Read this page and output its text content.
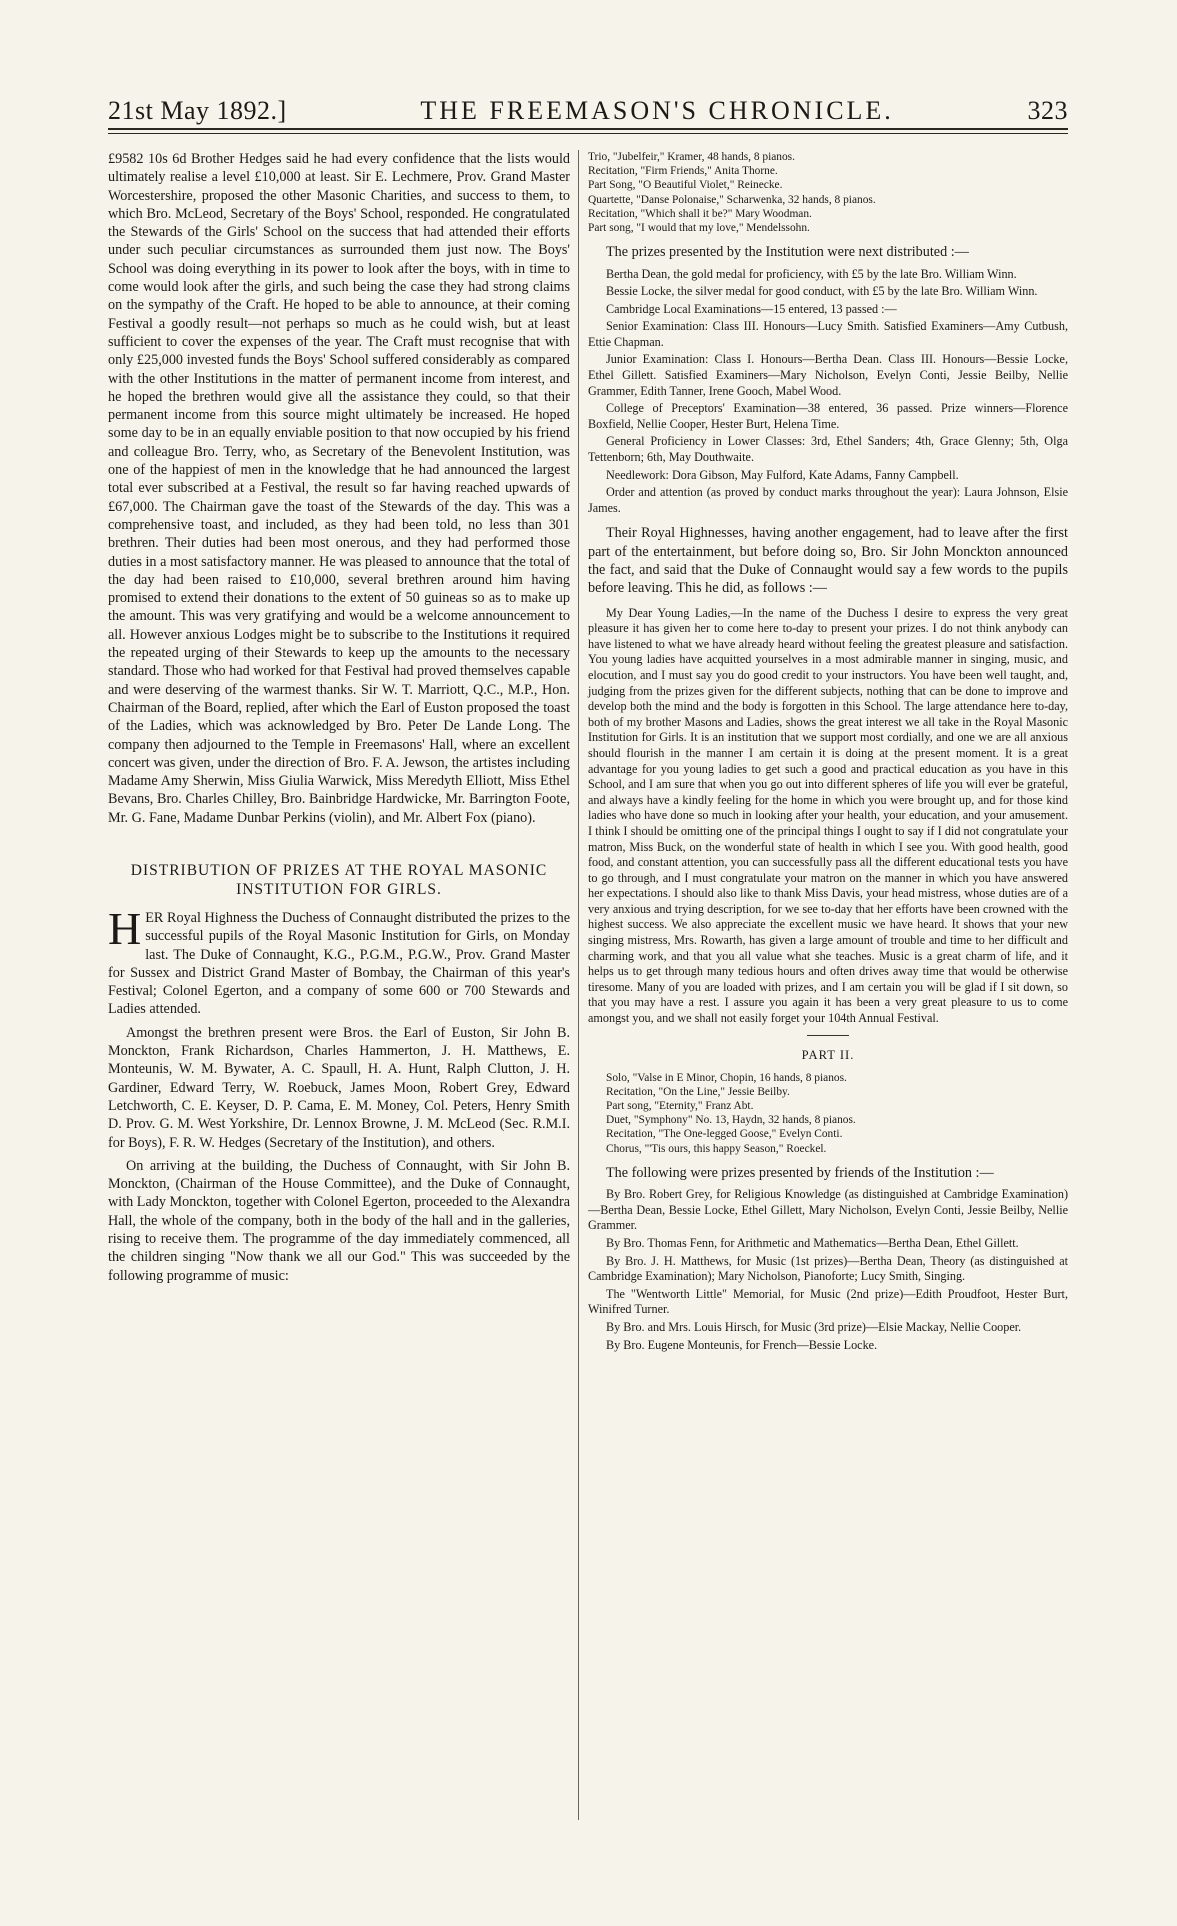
21st May 1892.]	THE FREEMASON'S CHRONICLE.	323

£9582 10s 6d Brother Hedges said he had every confidence that the lists would ultimately realise a level £10,000 at least. Sir E. Lechmere, Prov. Grand Master Worcestershire, proposed the other Masonic Charities, and success to them, to which Bro. McLeod, Secretary of the Boys' School, responded. He congratulated the Stewards of the Girls' School on the success that had attended their efforts under such peculiar circumstances as surrounded them just now. The Boys' School was doing everything in its power to look after the boys, with in time to come would look after the girls, and such being the case they had strong claims on the sympathy of the Craft. He hoped to be able to announce, at their coming Festival a goodly result—not perhaps so much as he could wish, but at least sufficient to cover the expenses of the year. The Craft must recognise that with only £25,000 invested funds the Boys' School suffered considerably as compared with the other Institutions in the matter of permanent income from interest, and he hoped the brethren would give all the assistance they could, so that their permanent income from this source might ultimately be increased. He hoped some day to be in an equally enviable position to that now occupied by his friend and colleague Bro. Terry, who, as Secretary of the Benevolent Institution, was one of the happiest of men in the knowledge that he had announced the largest total ever subscribed at a Festival, the result so far having reached upwards of £67,000. The Chairman gave the toast of the Stewards of the day. This was a comprehensive toast, and included, as they had been told, no less than 301 brethren. Their duties had been most onerous, and they had performed those duties in a most satisfactory manner. He was pleased to announce that the total of the day had been raised to £10,000, several brethren around him having promised to extend their donations to the extent of 50 guineas so as to make up the amount. This was very gratifying and would be a welcome announcement to all. However anxious Lodges might be to subscribe to the Institutions it required the repeated urging of their Stewards to keep up the amounts to the necessary standard. Those who had worked for that Festival had proved themselves capable and were deserving of the warmest thanks. Sir W. T. Marriott, Q.C., M.P., Hon. Chairman of the Board, replied, after which the Earl of Euston proposed the toast of the Ladies, which was acknowledged by Bro. Peter De Lande Long. The company then adjourned to the Temple in Freemasons' Hall, where an excellent concert was given, under the direction of Bro. F. A. Jewson, the artistes including Madame Amy Sherwin, Miss Giulia Warwick, Miss Meredyth Elliott, Miss Ethel Bevans, Bro. Charles Chilley, Bro. Bainbridge Hardwicke, Mr. Barrington Foote, Mr. G. Fane, Madame Dunbar Perkins (violin), and Mr. Albert Fox (piano).

DISTRIBUTION OF PRIZES AT THE ROYAL MASONIC INSTITUTION FOR GIRLS.

HER Royal Highness the Duchess of Connaught distributed the prizes to the successful pupils of the Royal Masonic Institution for Girls, on Monday last. The Duke of Connaught, K.G., P.G.M., P.G.W., Prov. Grand Master for Sussex and District Grand Master of Bombay, the Chairman of this year's Festival; Colonel Egerton, and a company of some 600 or 700 Stewards and Ladies attended.

Amongst the brethren present were Bros. the Earl of Euston, Sir John B. Monckton, Frank Richardson, Charles Hammerton, J. H. Matthews, E. Monteunis, W. M. Bywater, A. C. Spaull, H. A. Hunt, Ralph Clutton, J. H. Gardiner, Edward Terry, W. Roebuck, James Moon, Robert Grey, Edward Letchworth, C. E. Keyser, D. P. Cama, E. M. Money, Col. Peters, Henry Smith D. Prov. G. M. West Yorkshire, Dr. Lennox Browne, J. M. McLeod (Sec. R.M.I. for Boys), F. R. W. Hedges (Secretary of the Institution), and others.

On arriving at the building, the Duchess of Connaught, with Sir John B. Monckton, (Chairman of the House Committee), and the Duke of Connaught, with Lady Monckton, together with Colonel Egerton, proceeded to the Alexandra Hall, the whole of the company, both in the body of the hall and in the galleries, rising to receive them. The programme of the day immediately commenced, all the children singing "Now thank we all our God." This was succeeded by the following programme of music:

Trio, "Jubelfeir," Kramer, 48 hands, 8 pianos.

Recitation, "Firm Friends," Anita Thorne.

Part Song, "O Beautiful Violet," Reinecke.

Quartette, "Danse Polonaise," Scharwenka, 32 hands, 8 pianos.

Recitation, "Which shall it be?" Mary Woodman.

Part song, "I would that my love," Mendelssohn.

The prizes presented by the Institution were next distributed :—

Bertha Dean, the gold medal for proficiency, with £5 by the late Bro. William Winn.

Bessie Locke, the silver medal for good conduct, with £5 by the late Bro. William Winn.

Cambridge Local Examinations—15 entered, 13 passed :—

Senior Examination: Class III. Honours—Lucy Smith. Satisfied Examiners—Amy Cutbush, Ettie Chapman.

Junior Examination: Class I. Honours—Bertha Dean. Class III. Honours—Bessie Locke, Ethel Gillett. Satisfied Examiners—Mary Nicholson, Evelyn Conti, Jessie Beilby, Nellie Grammer, Edith Tanner, Irene Gooch, Mabel Wood.

College of Preceptors' Examination—38 entered, 36 passed. Prize winners—Florence Boxfield, Nellie Cooper, Hester Burt, Helena Time.

General Proficiency in Lower Classes: 3rd, Ethel Sanders; 4th, Grace Glenny; 5th, Olga Tettenborn; 6th, May Douthwaite.

Needlework: Dora Gibson, May Fulford, Kate Adams, Fanny Campbell.

Order and attention (as proved by conduct marks throughout the year): Laura Johnson, Elsie James.

Their Royal Highnesses, having another engagement, had to leave after the first part of the entertainment, but before doing so, Bro. Sir John Monckton announced the fact, and said that the Duke of Connaught would say a few words to the pupils before leaving. This he did, as follows :—

My Dear Young Ladies,—In the name of the Duchess I desire to express the very great pleasure it has given her to come here to-day to present your prizes. I do not think anybody can have listened to what we have already heard without feeling the greatest pleasure and satisfaction. You young ladies have acquitted yourselves in a most admirable manner in singing, music, and elocution, and I must say you do good credit to your instructors. You have been well taught, and, judging from the prizes given for the different subjects, nothing that can be done to improve and develop both the mind and the body is forgotten in this School. The large attendance here to-day, both of my brother Masons and Ladies, shows the great interest we all take in the Royal Masonic Institution for Girls. It is an institution that we support most cordially, and one we are all anxious should flourish in the manner I am certain it is doing at the present moment. It is a great advantage for you young ladies to get such a good and practical education as you have in this School, and I am sure that when you go out into different spheres of life you will ever be grateful, and always have a kindly feeling for the home in which you were brought up, and for those kind ladies who have done so much in looking after your health, your education, and your amusement. I think I should be omitting one of the principal things I ought to say if I did not congratulate your matron, Miss Buck, on the wonderful state of health in which I see you. With good health, good food, and constant attention, you can successfully pass all the different educational tests you have to go through, and I must congratulate your matron on the manner in which you have answered her expectations. I should also like to thank Miss Davis, your head mistress, whose duties are of a very anxious and trying description, for we see to-day that her efforts have been crowned with the highest success. We also appreciate the excellent music we have heard. It shows that your new singing mistress, Mrs. Rowarth, has given a large amount of trouble and time to her difficult and charming work, and that you all value what she teaches. Music is a great charm of life, and it helps us to get through many tedious hours and often drives away time that would be otherwise tiresome. Many of you are loaded with prizes, and I am certain you will be glad if I sit down, so that you may have a rest. I assure you again it has been a very great pleasure to us to come amongst you, and we shall not easily forget your 104th Annual Festival.

PART II.

Solo, "Valse in E Minor, Chopin, 16 hands, 8 pianos.

Recitation, "On the Line," Jessie Beilby.

Part song, "Eternity," Franz Abt.

Duet, "Symphony" No. 13, Haydn, 32 hands, 8 pianos.

Recitation, "The One-legged Goose," Evelyn Conti.

Chorus, "'Tis ours, this happy Season," Roeckel.

The following were prizes presented by friends of the Institution :—

By Bro. Robert Grey, for Religious Knowledge (as distinguished at Cambridge Examination)—Bertha Dean, Bessie Locke, Ethel Gillett, Mary Nicholson, Evelyn Conti, Jessie Beilby, Nellie Grammer.

By Bro. Thomas Fenn, for Arithmetic and Mathematics—Bertha Dean, Ethel Gillett.

By Bro. J. H. Matthews, for Music (1st prizes)—Bertha Dean, Theory (as distinguished at Cambridge Examination); Mary Nicholson, Pianoforte; Lucy Smith, Singing.

The "Wentworth Little" Memorial, for Music (2nd prize)—Edith Proudfoot, Hester Burt, Winifred Turner.

By Bro. and Mrs. Louis Hirsch, for Music (3rd prize)—Elsie Mackay, Nellie Cooper.

By Bro. Eugene Monteunis, for French—Bessie Locke.
